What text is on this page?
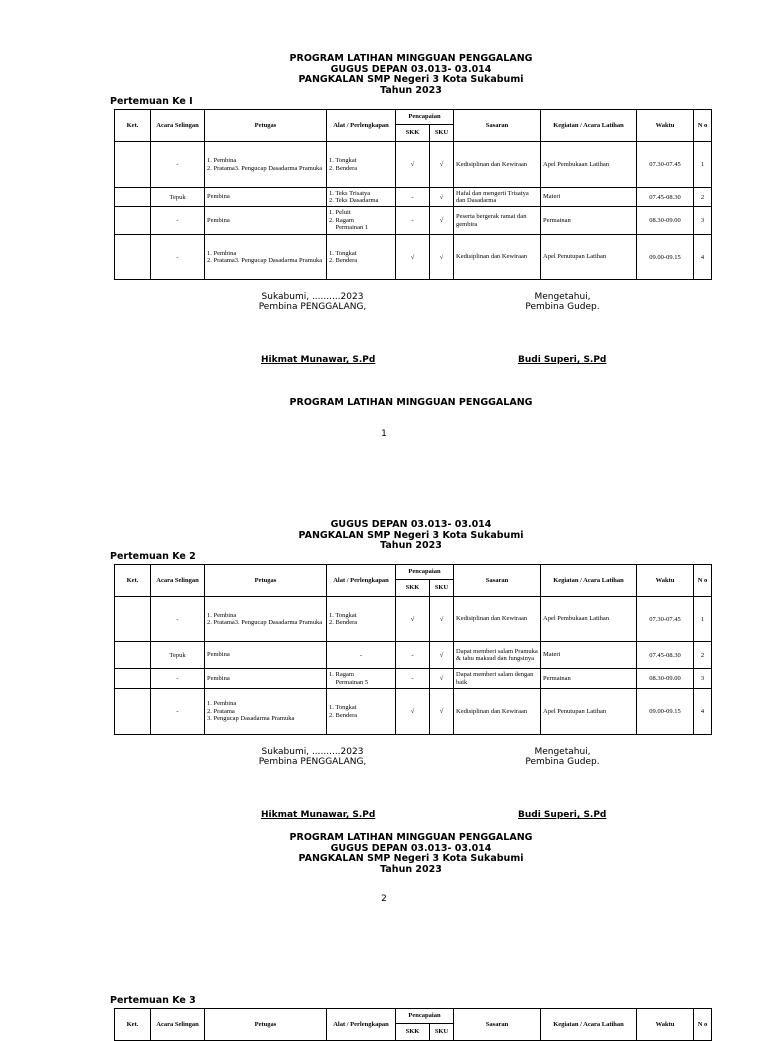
PROGRAM LATIHAN MINGGUAN PENGGALANG
GUGUS DEPAN 03.013- 03.014
PANGKALAN SMP Negeri 3 Kota Sukabumi
Tahun 2023
Pertemuan Ke I
Ket.	Acara Selingan	Petugas	Alat / Perlengkapan	Pencapaian		Sasaran	Kegiatan / Acara Latihan	Waktu	N o
				SKK	SKU				
	-	1. Pembina
2. Pratama3. Pengucap Dasadarma Pramuka	1. Tongkat
2. Bendera	√	√	Kedisiplinan dan Kewiraan	Apel Pembukaan Latihan	07.30-07.45	1
	Tepuk	Pembina	1. Teks Trisatya
2. Teks Dasadarma	-	√	Hafal dan mengerti Trisatya dan Dasadarma	Materi	07.45-08.30	2
	-	Pembina	1. Peluit
2. Ragam
Permainan 1	-	√	Peserta bergerak ramai dan gembira	Permainan	08.30-09.00	3
	-	1. Pembina
2. Pratama3. Pengucap Dasadarma Pramuka	1. Tongkat
2. Bendera	√	√	Kedisiplinan dan Kewiraan	Apel Penutupan Latihan	09.00-09.15	4
Sukabumi, ..........2023
Pembina PENGGALANG,
Mengetahui,
Pembina Gudep.
Hikmat Munawar, S.Pd	Budi Superi, S.Pd
PROGRAM LATIHAN MINGGUAN PENGGALANG
1
GUGUS DEPAN 03.013- 03.014
PANGKALAN SMP Negeri 3 Kota Sukabumi
Tahun 2023
Pertemuan Ke 2
Ket.	Acara Selingan	Petugas	Alat / Perlengkapan	Pencapaian		Sasaran	Kegiatan / Acara Latihan	Waktu	N o
				SKK	SKU				
	-	1. Pembina
2. Pratama3. Pengucap Dasadarma Pramuka	1. Tongkat
2. Bendera	√	√	Kedisiplinan dan Kewiraan	Apel Pembukaan Latihan	07.30-07.45	1
	Tepuk	Pembina	-	-	√	Dapat memberi salam Pramuka & tahu maksud dan fungsinya	Materi	07.45-08.30	2
	-	Pembina	1. Ragam
Permainan 5	-	√	Dapat memberi salam dengan baik	Permainan	08.30-09.00	3
	-	1. Pembina
2. Pratama
3. Pengucap Dasadarma Pramuka	1. Tongkat
2. Bendera	√	√	Kedisiplinan dan Kewiraan	Apel Penutupan Latihan	09.00-09.15	4
Sukabumi, ..........2023
Pembina PENGGALANG,
Mengetahui,
Pembina Gudep.
Hikmat Munawar, S.Pd	Budi Superi, S.Pd
PROGRAM LATIHAN MINGGUAN PENGGALANG
GUGUS DEPAN 03.013- 03.014
PANGKALAN SMP Negeri 3 Kota Sukabumi
Tahun 2023
2
Pertemuan Ke 3
Ket.	Acara Selingan	Petugas	Alat / Perlengkapan	Pencapaian		Sasaran	Kegiatan / Acara Latihan	Waktu	N o
				SKK	SKU				
